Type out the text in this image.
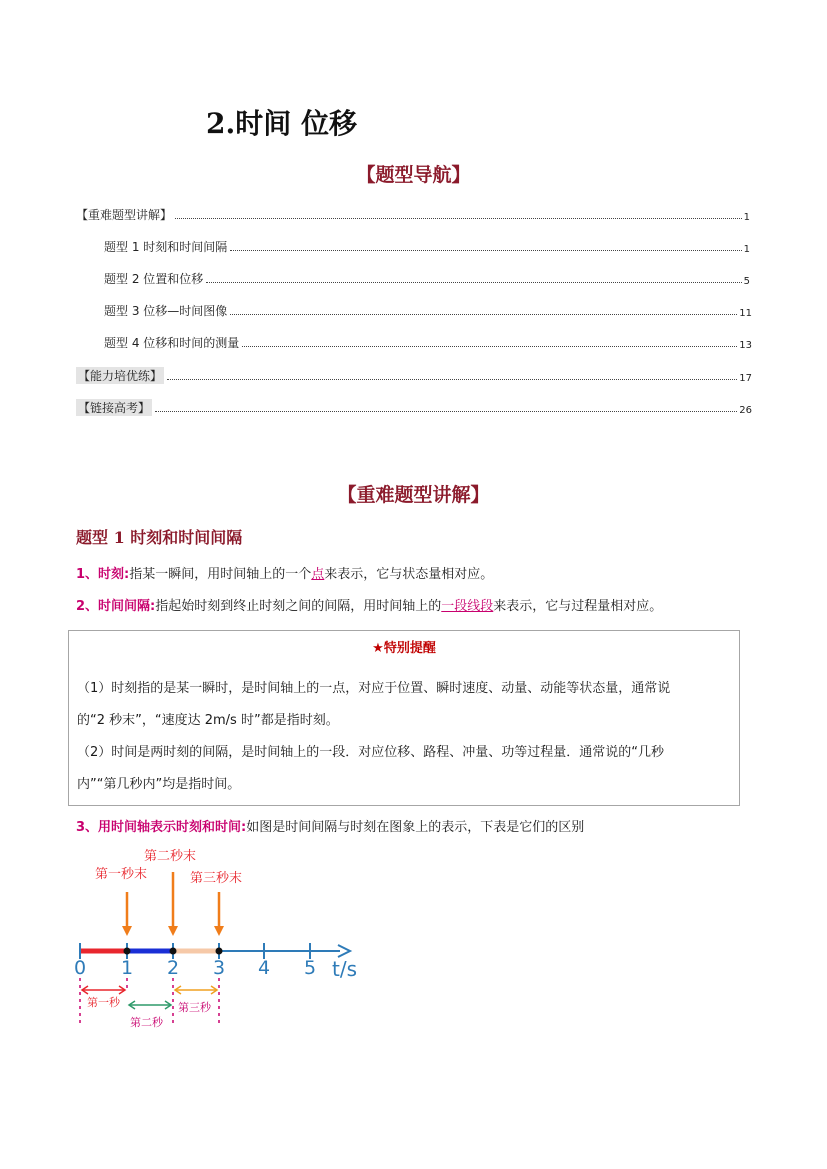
2.时间 位移
【题型导航】
【重难题型讲解】	1
题型 1 时刻和时间间隔	1
题型 2 位置和位移	5
题型 3 位移—时间图像	11
题型 4 位移和时间的测量	13
【能力培优练】	17
【链接高考】	26
【重难题型讲解】
题型 1 时刻和时间间隔
1、时刻:指某一瞬间，用时间轴上的一个点来表示，它与状态量相对应。
2、时间间隔:指起始时刻到终止时刻之间的间隔，用时间轴上的一段线段来表示，它与过程量相对应。
★特别提醒
（1）时刻指的是某一瞬时，是时间轴上的一点，对应于位置、瞬时速度、动量、动能等状态量，通常说
的“2 秒末”，“速度达 2m/s 时”都是指时刻。
（2）时间是两时刻的间隔，是时间轴上的一段．对应位移、路程、冲量、功等过程量．通常说的“几秒
内”“第几秒内”均是指时间。
3、用时间轴表示时刻和时间:如图是时间间隔与时刻在图象上的表示，下表是它们的区别
第一秒末
第二秒末
第三秒末
0 1 2 3 4 5 t/s
第一秒
第二秒
第三秒
